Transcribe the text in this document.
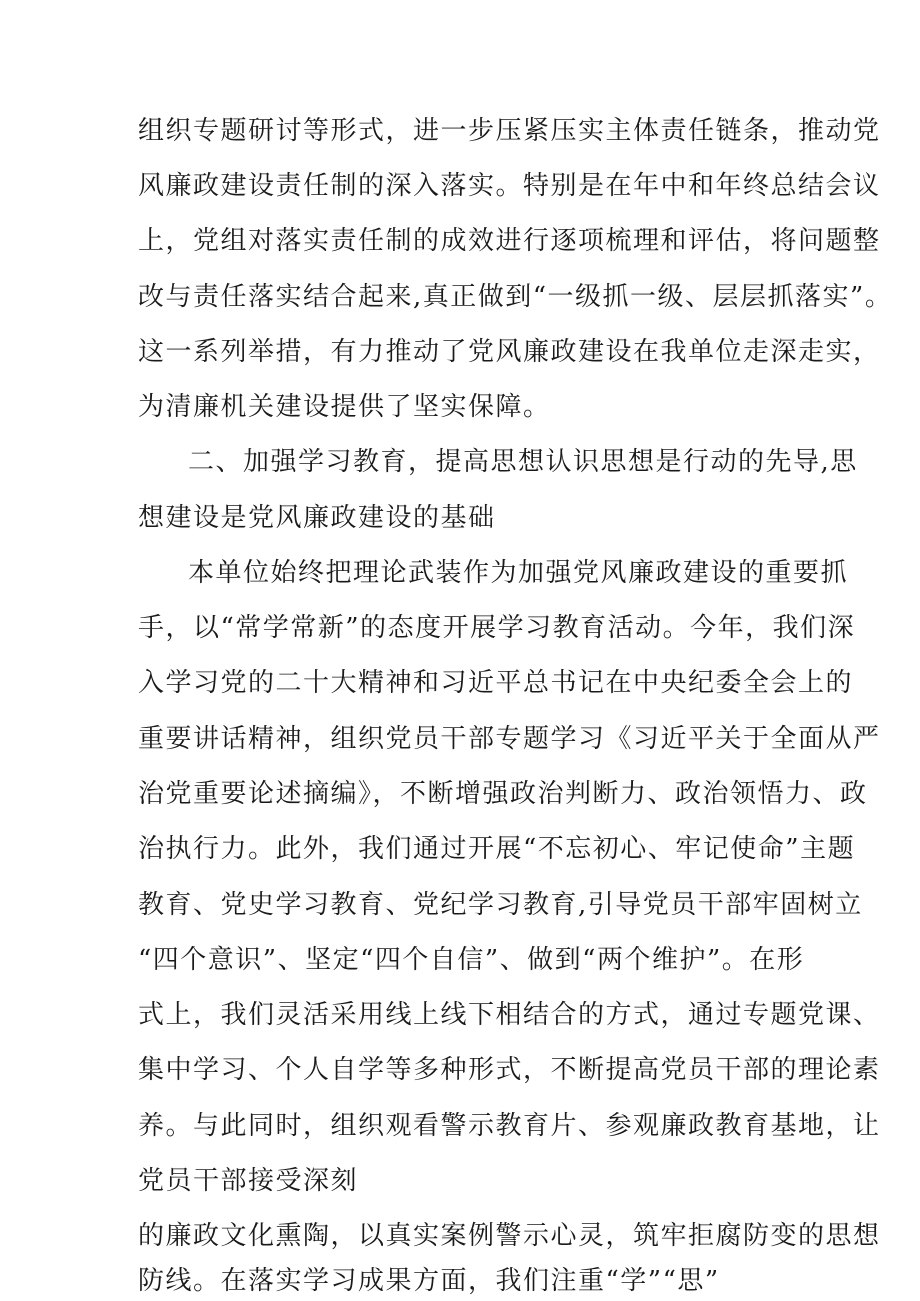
组织专题研讨等形式，进一步压紧压实主体责任链条，推动党
风廉政建设责任制的深入落实。特别是在年中和年终总结会议
上，党组对落实责任制的成效进行逐项梳理和评估，将问题整
改与责任落实结合起来,真正做到“一级抓一级、层层抓落实”。
这一系列举措，有力推动了党风廉政建设在我单位走深走实，
为清廉机关建设提供了坚实保障。
二、加强学习教育，提高思想认识思想是行动的先导,思
想建设是党风廉政建设的基础
本单位始终把理论武装作为加强党风廉政建设的重要抓
手，以“常学常新”的态度开展学习教育活动。今年，我们深
入学习党的二十大精神和习近平总书记在中央纪委全会上的
重要讲话精神，组织党员干部专题学习《习近平关于全面从严
治党重要论述摘编》，不断增强政治判断力、政治领悟力、政
治执行力。此外，我们通过开展“不忘初心、牢记使命”主题
教育、党史学习教育、党纪学习教育,引导党员干部牢固树立
“四个意识”、坚定“四个自信”、做到“两个维护”。在形
式上，我们灵活采用线上线下相结合的方式，通过专题党课、
集中学习、个人自学等多种形式，不断提高党员干部的理论素
养。与此同时，组织观看警示教育片、参观廉政教育基地，让
党员干部接受深刻
的廉政文化熏陶，以真实案例警示心灵，筑牢拒腐防变的思想
防线。在落实学习成果方面，我们注重“学”“思”
